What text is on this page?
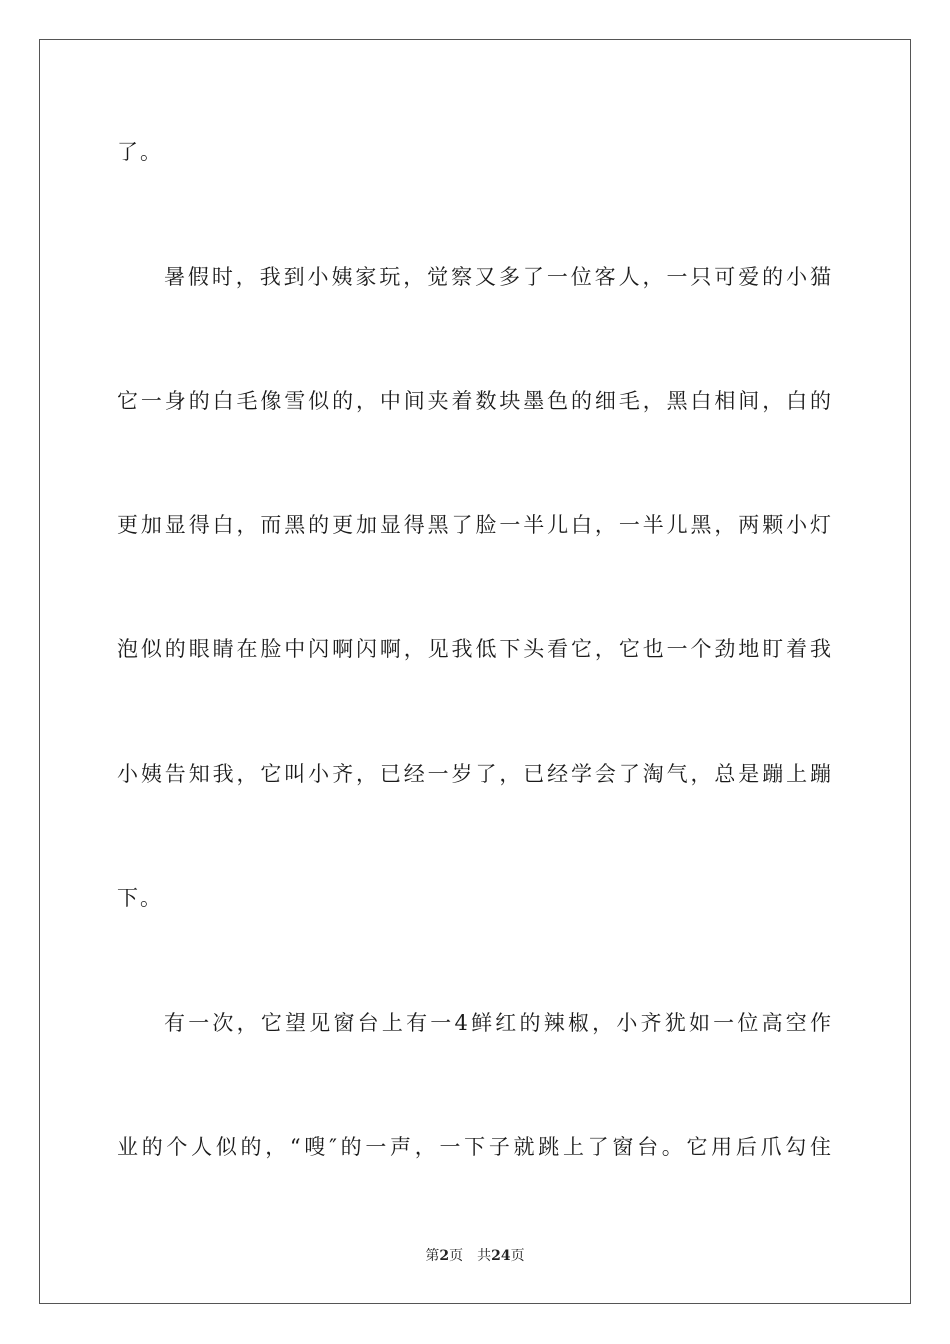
了。
暑假时，我到小姨家玩，觉察又多了一位客人，一只可爱的小猫
它一身的白毛像雪似的，中间夹着数块墨色的细毛，黑白相间，白的
更加显得白，而黑的更加显得黑了脸一半儿白，一半儿黑，两颗小灯
泡似的眼睛在脸中闪啊闪啊，见我低下头看它，它也一个劲地盯着我
小姨告知我，它叫小齐，已经一岁了，已经学会了淘气，总是蹦上蹦
下。
有一次，它望见窗台上有一4鲜红的辣椒，小齐犹如一位高空作
业的个人似的，“嗖″的一声，一下子就跳上了窗台。它用后爪勾住
第2页 共24页
